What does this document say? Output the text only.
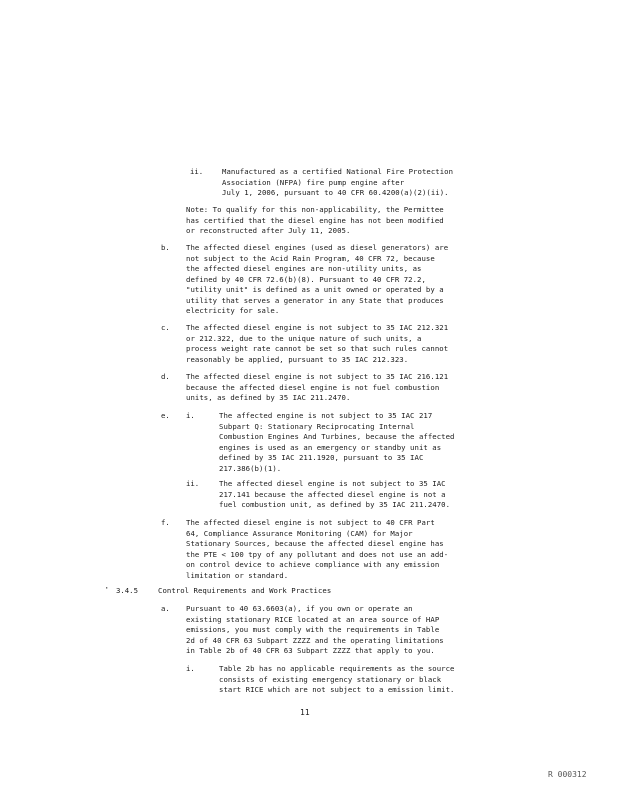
ii.	Manufactured as a certified National Fire Protection
Association (NFPA) fire pump engine after
July 1, 2006, pursuant to 40 CFR 60.4200(a)(2)(ii).
Note: To qualify for this non-applicability, the Permittee
has certified that the diesel engine has not been modified
or reconstructed after July 11, 2005.
b. The affected diesel engines (used as diesel generators) are
not subject to the Acid Rain Program, 40 CFR 72, because
the affected diesel engines are non-utility units, as
defined by 40 CFR 72.6(b)(8). Pursuant to 40 CFR 72.2,
"utility unit" is defined as a unit owned or operated by a
utility that serves a generator in any State that produces
electricity for sale.
c. The affected diesel engine is not subject to 35 IAC 212.321
or 212.322, due to the unique nature of such units, a
process weight rate cannot be set so that such rules cannot
reasonably be applied, pursuant to 35 IAC 212.323.
d. The affected diesel engine is not subject to 35 IAC 216.121
because the affected diesel engine is not fuel combustion
units, as defined by 35 IAC 211.2470.
e. i.	The affected engine is not subject to 35 IAC 217
Subpart Q: Stationary Reciprocating Internal
Combustion Engines And Turbines, because the affected
engines is used as an emergency or standby unit as
defined by 35 IAC 211.1920, pursuant to 35 IAC
217.386(b)(1).
ii.	The affected diesel engine is not subject to 35 IAC
217.141 because the affected diesel engine is not a
fuel combustion unit, as defined by 35 IAC 211.2470.
f. The affected diesel engine is not subject to 40 CFR Part
64, Compliance Assurance Monitoring (CAM) for Major
Stationary Sources, because the affected diesel engine has
the PTE < 100 tpy of any pollutant and does not use an add-
on control device to achieve compliance with any emission
limitation or standard.
· 3.4.5	Control Requirements and Work Practices
a. Pursuant to 40 63.6603(a), if you own or operate an
existing stationary RICE located at an area source of HAP
emissions, you must comply with the requirements in Table
2d of 40 CFR 63 Subpart ZZZZ and the operating limitations
in Table 2b of 40 CFR 63 Subpart ZZZZ that apply to you.
i.	Table 2b has no applicable requirements as the source
consists of existing emergency stationary or black
start RICE which are not subject to a emission limit.
11
R 000312
